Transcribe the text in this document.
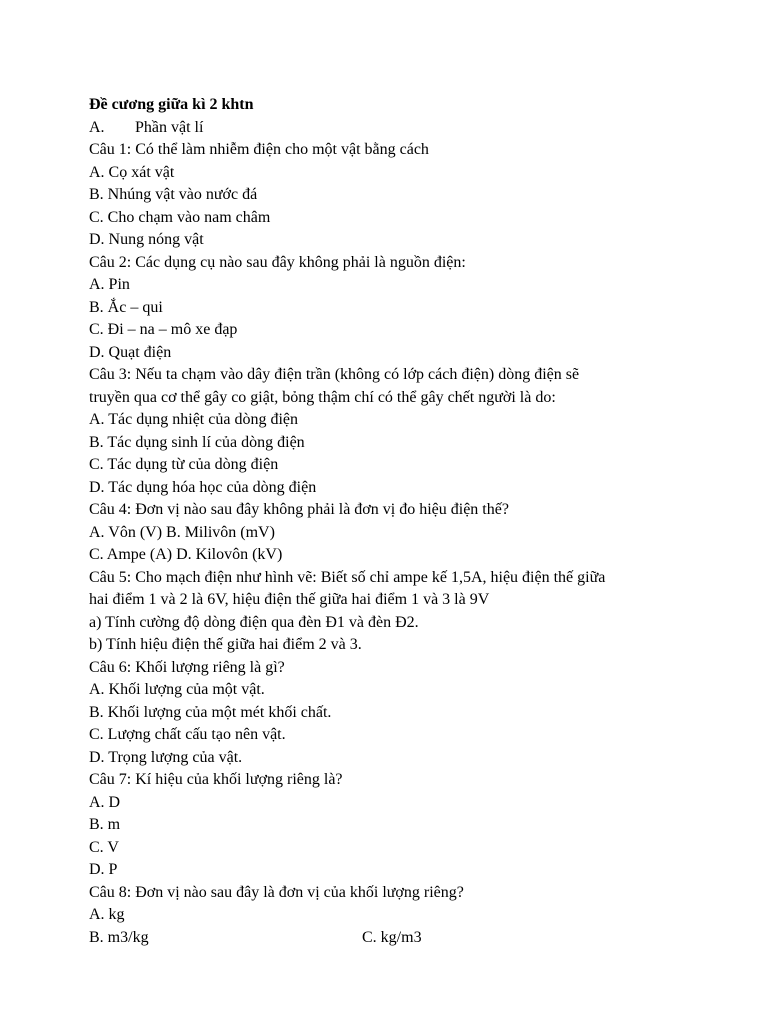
Đề cương giữa kì 2 khtn
A. Phần vật lí
Câu 1: Có thể làm nhiễm điện cho một vật bằng cách
A. Cọ xát vật
B. Nhúng vật vào nước đá
C. Cho chạm vào nam châm
D. Nung nóng vật
Câu 2: Các dụng cụ nào sau đây không phải là nguồn điện:
A. Pin
B. Ắc – qui
C. Đi – na – mô xe đạp
D. Quạt điện
Câu 3: Nếu ta chạm vào dây điện trần (không có lớp cách điện) dòng điện sẽ
truyền qua cơ thể gây co giật, bỏng thậm chí có thể gây chết người là do:
A. Tác dụng nhiệt của dòng điện
B. Tác dụng sinh lí của dòng điện
C. Tác dụng từ của dòng điện
D. Tác dụng hóa học của dòng điện
Câu 4: Đơn vị nào sau đây không phải là đơn vị đo hiệu điện thế?
A. Vôn (V) B. Milivôn (mV)
C. Ampe (A) D. Kilovôn (kV)
Câu 5: Cho mạch điện như hình vẽ: Biết số chỉ ampe kế 1,5A, hiệu điện thế giữa
hai điểm 1 và 2 là 6V, hiệu điện thế giữa hai điểm 1 và 3 là 9V
a) Tính cường độ dòng điện qua đèn Đ1 và đèn Đ2.
b) Tính hiệu điện thế giữa hai điểm 2 và 3.
Câu 6: Khối lượng riêng là gì?
A. Khối lượng của một vật.
B. Khối lượng của một mét khối chất.
C. Lượng chất cấu tạo nên vật.
D. Trọng lượng của vật.
Câu 7: Kí hiệu của khối lượng riêng là?
A. D
B. m
C. V
D. P
Câu 8: Đơn vị nào sau đây là đơn vị của khối lượng riêng?
A. kg
B. m3/kg	C. kg/m3
